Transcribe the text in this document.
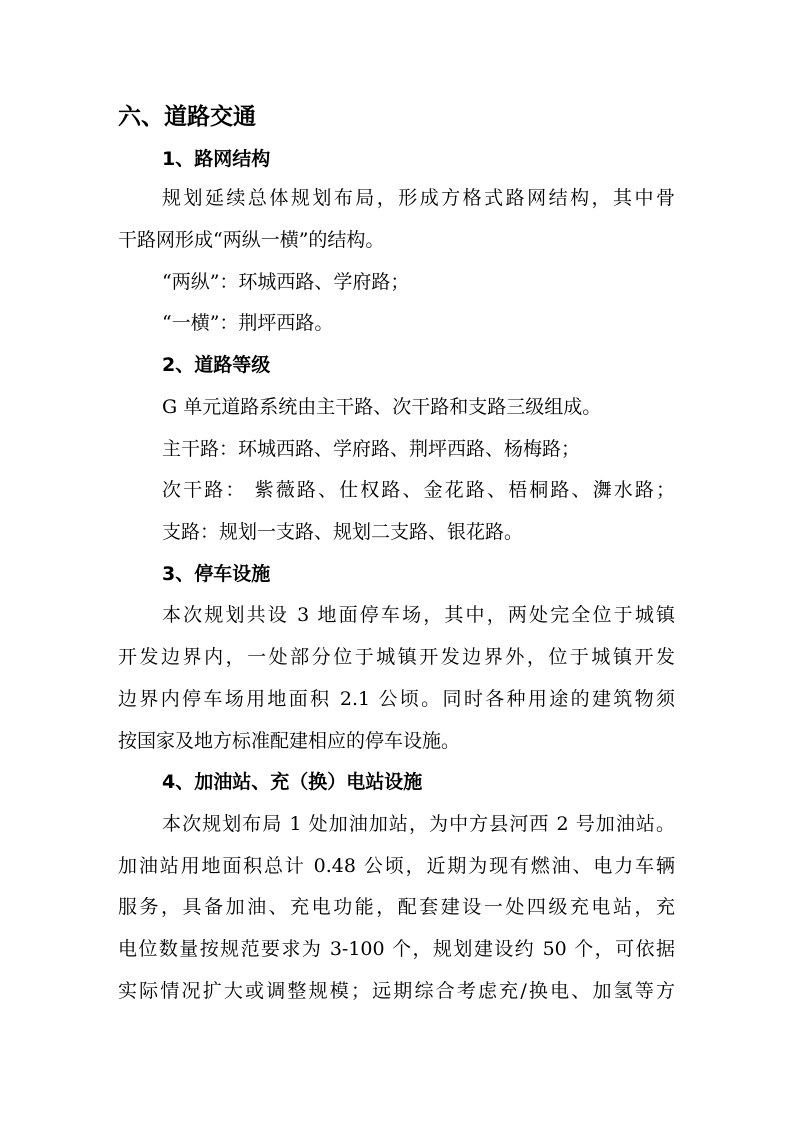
六、道路交通
1、路网结构
规划延续总体规划布局，形成方格式路网结构，其中骨
干路网形成“两纵一横”的结构。
“两纵”：环城西路、学府路；
“一横”：荆坪西路。
2、道路等级
G 单元道路系统由主干路、次干路和支路三级组成。
主干路：环城西路、学府路、荆坪西路、杨梅路；
次干路： 紫薇路、仕权路、金花路、梧桐路、㵲水路；
支路：规划一支路、规划二支路、银花路。
3、停车设施
本次规划共设 3 地面停车场，其中，两处完全位于城镇
开发边界内，一处部分位于城镇开发边界外，位于城镇开发
边界内停车场用地面积 2.1 公顷。同时各种用途的建筑物须
按国家及地方标准配建相应的停车设施。
4、加油站、充（换）电站设施
本次规划布局 1 处加油加站，为中方县河西 2 号加油站。
加油站用地面积总计 0.48 公顷，近期为现有燃油、电力车辆
服务，具备加油、充电功能，配套建设一处四级充电站，充
电位数量按规范要求为 3-100 个，规划建设约 50 个，可依据
实际情况扩大或调整规模；远期综合考虑充/换电、加氢等方
